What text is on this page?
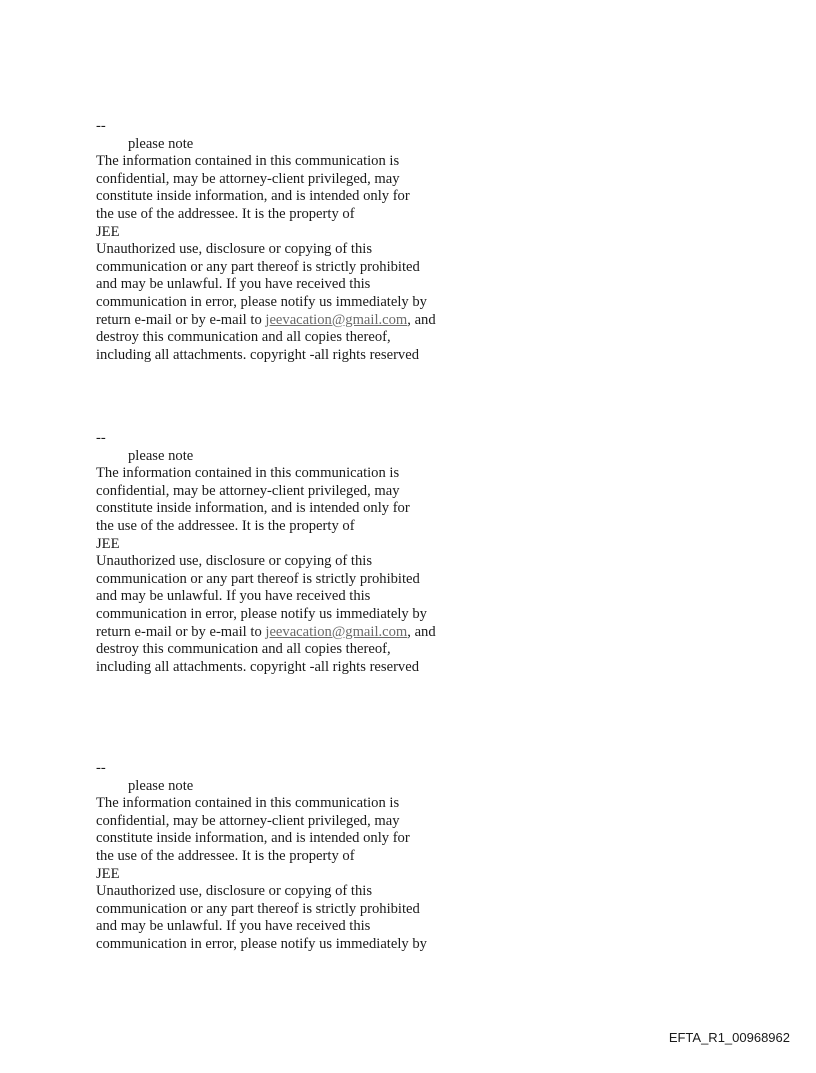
--
please note
The information contained in this communication is
confidential, may be attorney-client privileged, may
constitute inside information, and is intended only for
the use of the addressee. It is the property of
JEE
Unauthorized use, disclosure or copying of this
communication or any part thereof is strictly prohibited
and may be unlawful. If you have received this
communication in error, please notify us immediately by
return e-mail or by e-mail to jeevacation@gmail.com, and
destroy this communication and all copies thereof,
including all attachments. copyright -all rights reserved
--
please note
The information contained in this communication is
confidential, may be attorney-client privileged, may
constitute inside information, and is intended only for
the use of the addressee. It is the property of
JEE
Unauthorized use, disclosure or copying of this
communication or any part thereof is strictly prohibited
and may be unlawful. If you have received this
communication in error, please notify us immediately by
return e-mail or by e-mail to jeevacation@gmail.com, and
destroy this communication and all copies thereof,
including all attachments. copyright -all rights reserved
--
please note
The information contained in this communication is
confidential, may be attorney-client privileged, may
constitute inside information, and is intended only for
the use of the addressee. It is the property of
JEE
Unauthorized use, disclosure or copying of this
communication or any part thereof is strictly prohibited
and may be unlawful. If you have received this
communication in error, please notify us immediately by
EFTA_R1_00968962
